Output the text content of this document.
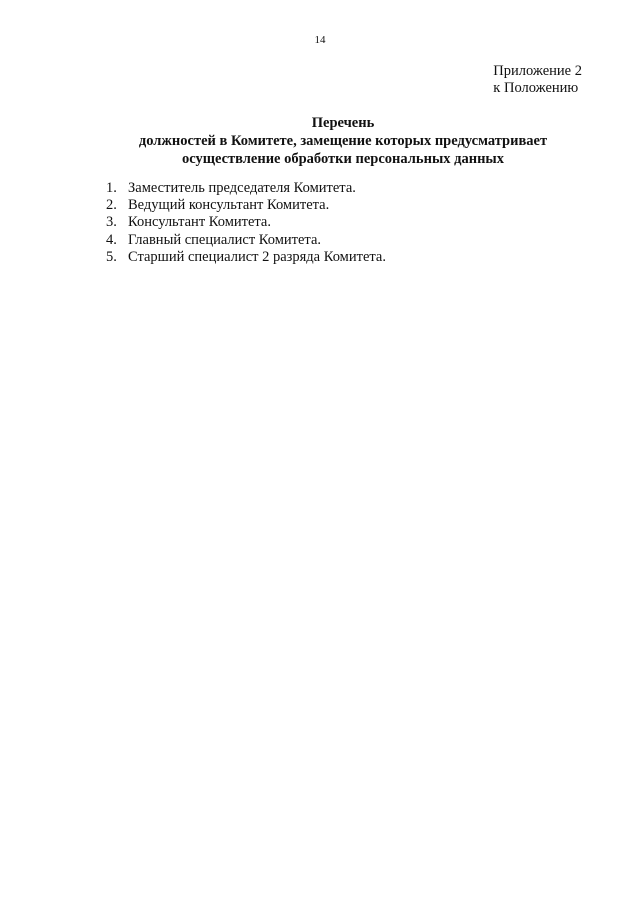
14
Приложение 2
к Положению
Перечень
должностей в Комитете, замещение которых предусматривает
осуществление обработки персональных данных
1. Заместитель председателя Комитета.
2. Ведущий консультант Комитета.
3. Консультант Комитета.
4. Главный специалист Комитета.
5. Старший специалист 2 разряда Комитета.
